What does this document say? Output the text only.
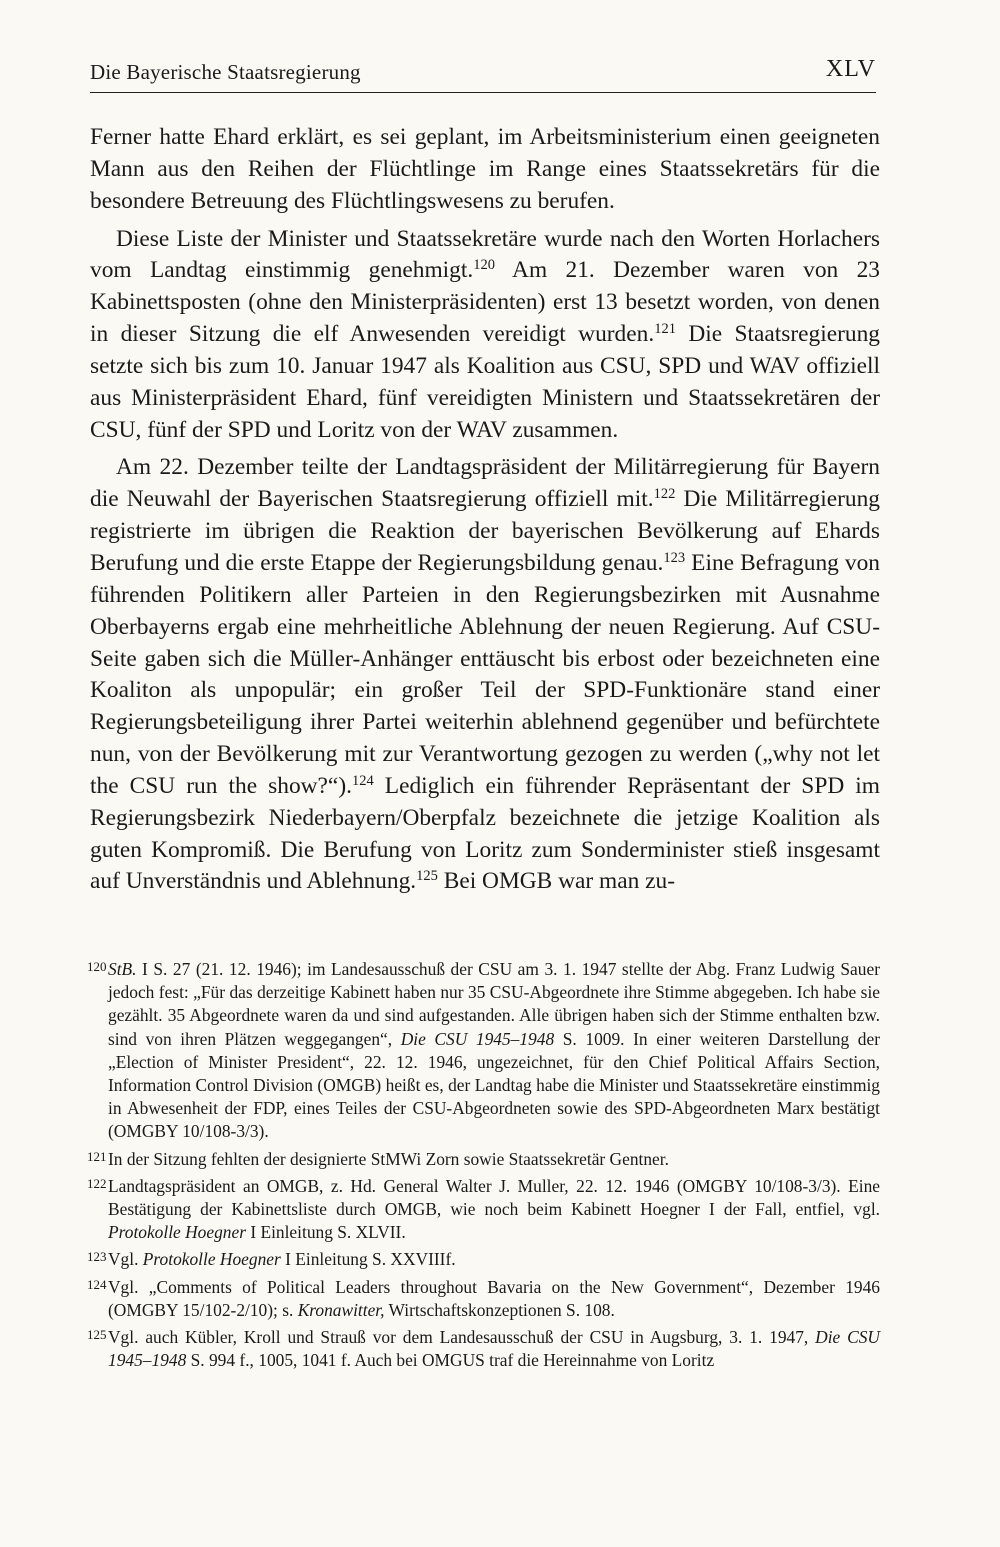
Die Bayerische Staatsregierung	XLV

Ferner hatte Ehard erklärt, es sei geplant, im Arbeitsministerium einen geeigneten Mann aus den Reihen der Flüchtlinge im Range eines Staatssekretärs für die besondere Betreuung des Flüchtlingswesens zu berufen.

Diese Liste der Minister und Staatssekretäre wurde nach den Worten Horlachers vom Landtag einstimmig genehmigt.$^{120}$ Am 21. Dezember waren von 23 Kabinettsposten (ohne den Ministerpräsidenten) erst 13 besetzt worden, von denen in dieser Sitzung die elf Anwesenden vereidigt wurden.$^{121}$ Die Staatsregierung setzte sich bis zum 10. Januar 1947 als Koalition aus CSU, SPD und WAV offiziell aus Ministerpräsident Ehard, fünf vereidigten Ministern und Staatssekretären der CSU, fünf der SPD und Loritz von der WAV zusammen.

Am 22. Dezember teilte der Landtagspräsident der Militärregierung für Bayern die Neuwahl der Bayerischen Staatsregierung offiziell mit.$^{122}$ Die Militärregierung registrierte im übrigen die Reaktion der bayerischen Bevölkerung auf Ehards Berufung und die erste Etappe der Regierungsbildung genau.$^{123}$ Eine Befragung von führenden Politikern aller Parteien in den Regierungsbezirken mit Ausnahme Oberbayerns ergab eine mehrheitliche Ablehnung der neuen Regierung. Auf CSU-Seite gaben sich die Müller-Anhänger enttäuscht bis erbost oder bezeichneten eine Koaliton als unpopulär; ein großer Teil der SPD-Funktionäre stand einer Regierungsbeteiligung ihrer Partei weiterhin ablehnend gegenüber und befürchtete nun, von der Bevölkerung mit zur Verantwortung gezogen zu werden („why not let the CSU run the show?“).$^{124}$ Lediglich ein führender Repräsentant der SPD im Regierungsbezirk Niederbayern/Oberpfalz bezeichnete die jetzige Koalition als guten Kompromiß. Die Berufung von Loritz zum Sonderminister stieß insgesamt auf Unverständnis und Ablehnung.$^{125}$ Bei OMGB war man zu-

120 StB. I S. 27 (21. 12. 1946); im Landesausschuß der CSU am 3. 1. 1947 stellte der Abg. Franz Ludwig Sauer jedoch fest: „Für das derzeitige Kabinett haben nur 35 CSU-Abgeordnete ihre Stimme abgegeben. Ich habe sie gezählt. 35 Abgeordnete waren da und sind aufgestanden. Alle übrigen haben sich der Stimme enthalten bzw. sind von ihren Plätzen weggegangen“, Die CSU 1945–1948 S. 1009. In einer weiteren Darstellung der „Election of Minister President“, 22. 12. 1946, ungezeichnet, für den Chief Political Affairs Section, Information Control Division (OMGB) heißt es, der Landtag habe die Minister und Staatssekretäre einstimmig in Abwesenheit der FDP, eines Teiles der CSU-Abgeordneten sowie des SPD-Abgeordneten Marx bestätigt (OMGBY 10/108-3/3).
121 In der Sitzung fehlten der designierte StMWi Zorn sowie Staatssekretär Gentner.
122 Landtagspräsident an OMGB, z. Hd. General Walter J. Muller, 22. 12. 1946 (OMGBY 10/108-3/3). Eine Bestätigung der Kabinettsliste durch OMGB, wie noch beim Kabinett Hoegner I der Fall, entfiel, vgl. Protokolle Hoegner I Einleitung S. XLVII.
123 Vgl. Protokolle Hoegner I Einleitung S. XXVIIIf.
124 Vgl. „Comments of Political Leaders throughout Bavaria on the New Government“, Dezember 1946 (OMGBY 15/102-2/10); s. Kronawitter, Wirtschaftskonzeptionen S. 108.
125 Vgl. auch Kübler, Kroll und Strauß vor dem Landesausschuß der CSU in Augsburg, 3. 1. 1947, Die CSU 1945–1948 S. 994 f., 1005, 1041 f. Auch bei OMGUS traf die Hereinnahme von Loritz
